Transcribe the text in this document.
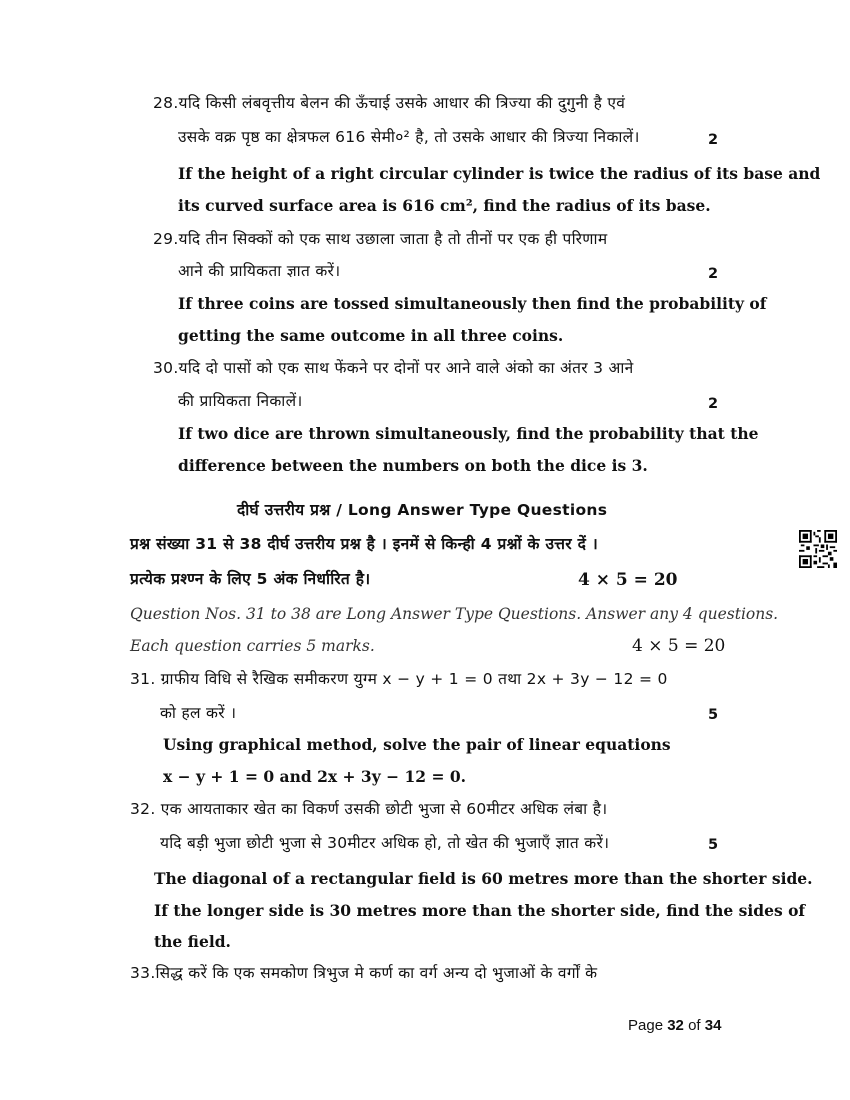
28.यदि किसी लंबवृत्तीय बेलन की ऊँचाई उसके आधार की त्रिज्या की दुगुनी है एवं
उसके वक्र पृष्ठ का क्षेत्रफल 616 सेमी०² है, तो उसके आधार की त्रिज्या निकालें।	2
If the height of a right circular cylinder is twice the radius of its base and
its curved surface area is 616 cm², find the radius of its base.
29.यदि तीन सिक्कों को एक साथ उछाला जाता है तो तीनों पर एक ही परिणाम
आने की प्रायिकता ज्ञात करें।	2
If three coins are tossed simultaneously then find the probability of
getting the same outcome in all three coins.
30.यदि दो पासों को एक साथ फेंकने पर दोनों पर आने वाले अंको का अंतर 3 आने
की प्रायिकता निकालें।	2
If two dice are thrown simultaneously, find the probability that the
difference between the numbers on both the dice is 3.
दीर्घ उत्तरीय प्रश्न / Long Answer Type Questions
प्रश्न संख्या 31 से 38 दीर्घ उत्तरीय प्रश्न है । इनमें से किन्ही 4 प्रश्नों के उत्तर दें ।
प्रत्येक प्रश्ण्न के लिए 5 अंक निर्धारित है।	4 × 5 = 20
Question Nos. 31 to 38 are Long Answer Type Questions. Answer any 4 questions.
Each question carries 5 marks.	4 × 5 = 20
31. ग्राफीय विधि से रैखिक समीकरण युग्म x − y + 1 = 0 तथा 2x + 3y − 12 = 0
को हल करें ।	5
Using graphical method, solve the pair of linear equations
x − y + 1 = 0 and 2x + 3y − 12 = 0.
32. एक आयताकार खेत का विकर्ण उसकी छोटी भुजा से 60मीटर अधिक लंबा है।
यदि बड़ी भुजा छोटी भुजा से 30मीटर अधिक हो, तो खेत की भुजाएँ ज्ञात करें।	5
The diagonal of a rectangular field is 60 metres more than the shorter side.
If the longer side is 30 metres more than the shorter side, find the sides of
the field.
33.सिद्ध करें कि एक समकोण त्रिभुज मे कर्ण का वर्ग अन्य दो भुजाओं के वर्गों के
Page 32 of 34
